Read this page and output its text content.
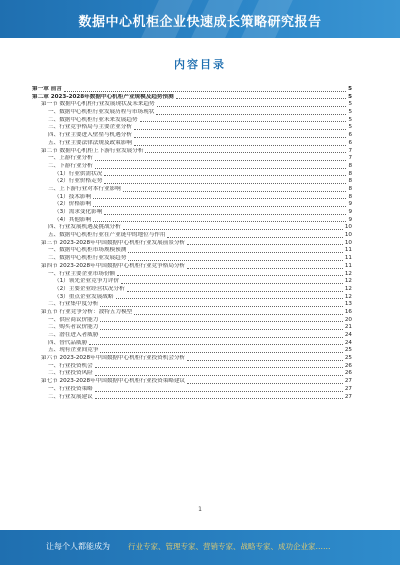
数据中心机柜企业快速成长策略研究报告
内容目录
第一章 前言	5
第二章 2023-2028年数据中心机柜产业规模及趋势预测	5
第一节 数据中心机柜行业发展现状及未来趋势	5
一、数据中心机柜行业发展历程与市场现状	5
二、数据中心机柜行业未来发展趋势	5
三、行业竞争格局与主要企业分析	5
四、行业主要进入壁垒与机遇分析	6
五、行业主要法律法规及政策影响	6
第二节 数据中心机柜上下游行业发展分析	7
一、上游行业分析	7
二、下游行业分析	8
（1）行业供需状况	8
（2）行业价格走势	8
三、上下游行业对本行业影响	8
（1）技术影响	8
（2）价格影响	9
（3）需求变化影响	9
（4）其他影响	9
四、行业发展机遇及挑战分析	10
五、数据中心机柜行业在产业链中的地位与作用	10
第三节 2023-2028年中国数据中心机柜行业发展前景分析	10
一、数据中心机柜市场规模预测	11
二、数据中心机柜行业发展趋势	11
第四节 2023-2028年中国数据中心机柜行业竞争格局分析	11
一、行业主要企业市场份额	12
（1）领先企业竞争力评价	12
（2）主要企业经营状况分析	12
（3）重点企业发展战略	12
二、行业集中度分析	13
第五节 行业竞争分析：波特五力模型	16
一、供应商议价能力	20
二、购买者议价能力	21
三、潜在进入者威胁	24
四、替代品威胁	24
五、现有企业间竞争	25
第六节 2023-2028年中国数据中心机柜行业投资机会分析	25
一、行业投资机会	26
二、行业投资风险	26
第七节 2023-2028年中国数据中心机柜行业投资策略建议	27
一、行业投资策略	27
二、行业发展建议	27
1
让每个人都能成为 行业专家、管理专家、营销专家、战略专家、成功企业家……
